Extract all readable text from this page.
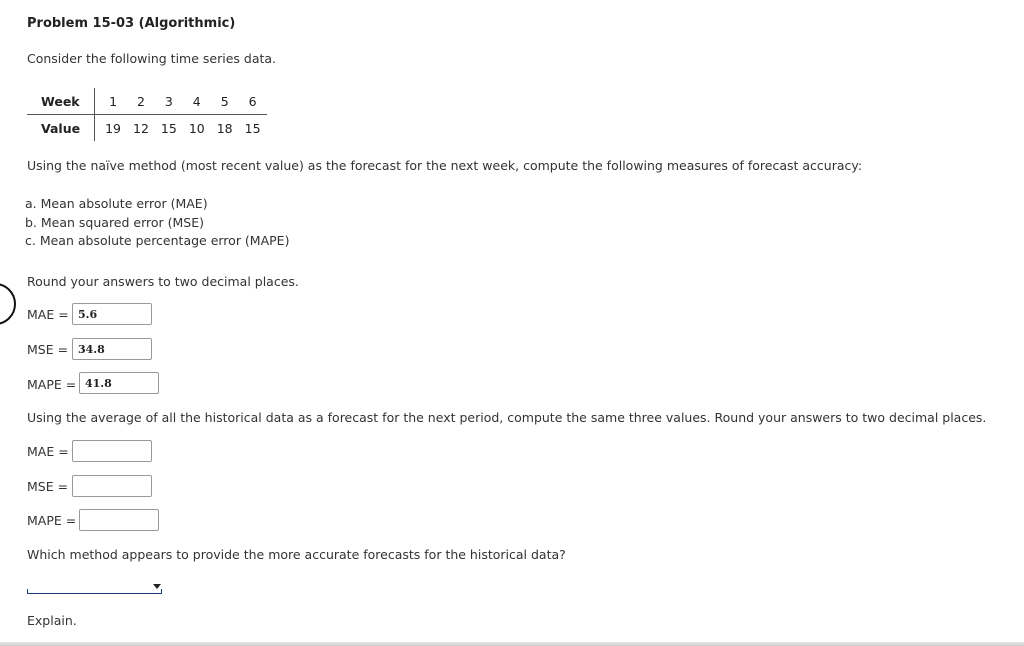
Problem 15-03 (Algorithmic)
Consider the following time series data.
Week	1	2	3	4	5	6
Value	19	12	15	10	18	15
Using the naïve method (most recent value) as the forecast for the next week, compute the following measures of forecast accuracy:
a. Mean absolute error (MAE)
b. Mean squared error (MSE)
c. Mean absolute percentage error (MAPE)
Round your answers to two decimal places.
MAE = 5.6
MSE = 34.8
MAPE = 41.8
Using the average of all the historical data as a forecast for the next period, compute the same three values. Round your answers to two decimal places.
MAE =
MSE =
MAPE =
Which method appears to provide the more accurate forecasts for the historical data?
Explain.
